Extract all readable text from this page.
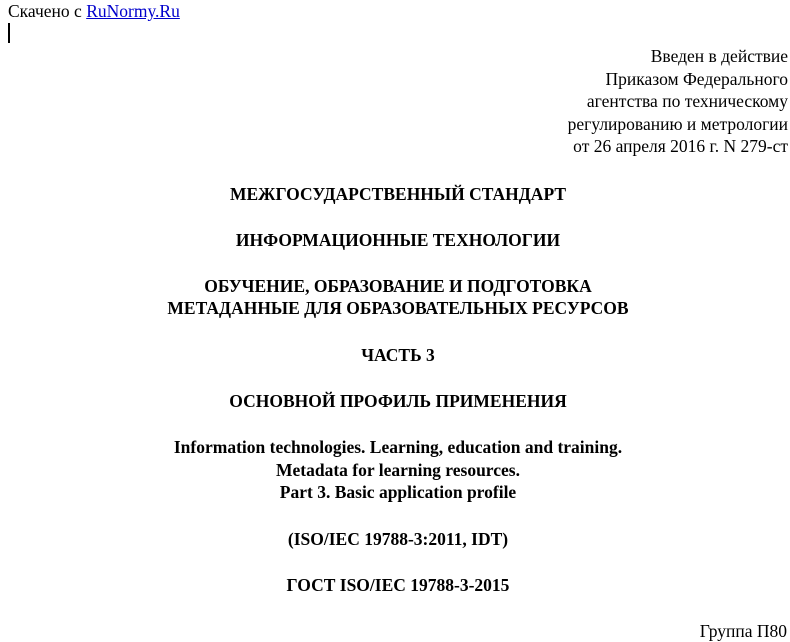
Скачено с RuNormy.Ru
Введен в действие
Приказом Федерального
агентства по техническому
регулированию и метрологии
от 26 апреля 2016 г. N 279-ст
МЕЖГОСУДАРСТВЕННЫЙ СТАНДАРТ
ИНФОРМАЦИОННЫЕ ТЕХНОЛОГИИ
ОБУЧЕНИЕ, ОБРАЗОВАНИЕ И ПОДГОТОВКА
МЕТАДАННЫЕ ДЛЯ ОБРАЗОВАТЕЛЬНЫХ РЕСУРСОВ
ЧАСТЬ 3
ОСНОВНОЙ ПРОФИЛЬ ПРИМЕНЕНИЯ
Information technologies. Learning, education and training.
Metadata for learning resources.
Part 3. Basic application profile
(ISO/IEC 19788-3:2011, IDT)
ГОСТ ISO/IEC 19788-3-2015
Группа П80
